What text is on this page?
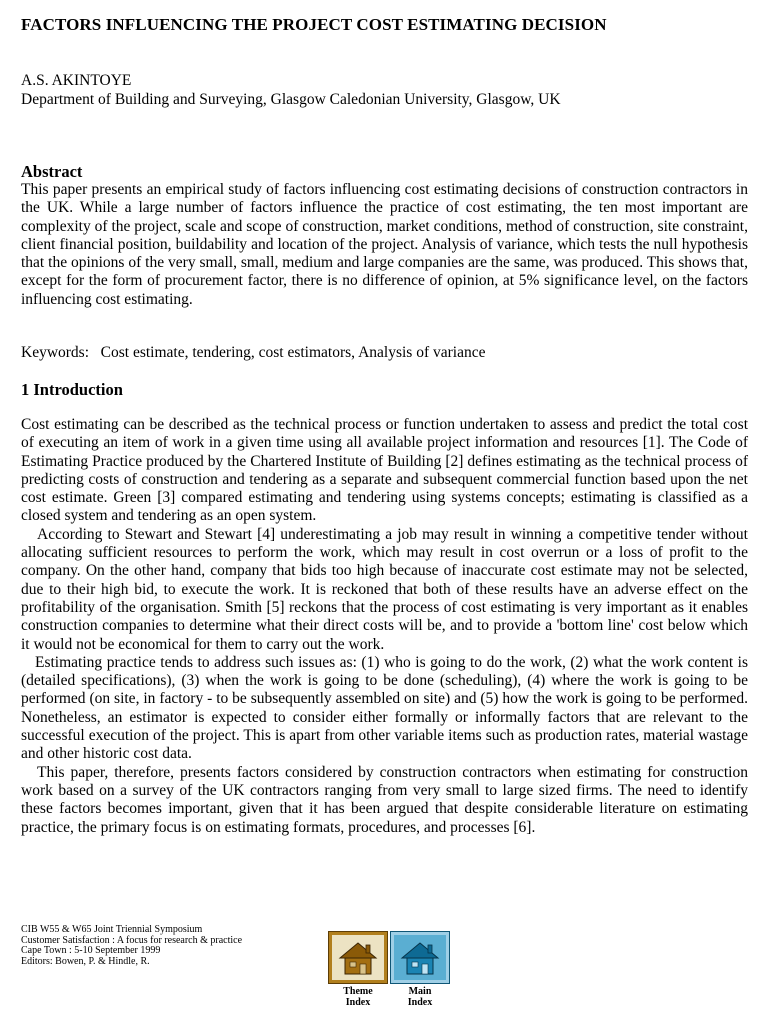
FACTORS INFLUENCING THE PROJECT COST ESTIMATING DECISION
A.S. AKINTOYE
Department of Building and Surveying, Glasgow Caledonian University, Glasgow, UK
Abstract

This paper presents an empirical study of factors influencing cost estimating decisions of construction contractors in the UK. While a large number of factors influence the practice of cost estimating, the ten most important are complexity of the project, scale and scope of construction, market conditions, method of construction, site constraint, client financial position, buildability and location of the project. Analysis of variance, which tests the null hypothesis that the opinions of the very small, small, medium and large companies are the same, was produced. This shows that, except for the form of procurement factor, there is no difference of opinion, at 5% significance level, on the factors influencing cost estimating.

Keywords:   Cost estimate, tendering, cost estimators, Analysis of variance
1 Introduction

Cost estimating can be described as the technical process or function undertaken to assess and predict the total cost of executing an item of work in a given time using all available project information and resources [1]. The Code of Estimating Practice produced by the Chartered Institute of Building [2] defines estimating as the technical process of predicting costs of construction and tendering as a separate and subsequent commercial function based upon the net cost estimate. Green [3] compared estimating and tendering using systems concepts; estimating is classified as a closed system and tendering as an open system.

According to Stewart and Stewart [4] underestimating a job may result in winning a competitive tender without allocating sufficient resources to perform the work, which may result in cost overrun or a loss of profit to the company. On the other hand, company that bids too high because of inaccurate cost estimate may not be selected, due to their high bid, to execute the work. It is reckoned that both of these results have an adverse effect on the profitability of the organisation. Smith [5] reckons that the process of cost estimating is very important as it enables construction companies to determine what their direct costs will be, and to provide a 'bottom line' cost below which it would not be economical for them to carry out the work.

Estimating practice tends to address such issues as: (1) who is going to do the work, (2) what the work content is (detailed specifications), (3) when the work is going to be done (scheduling), (4) where the work is going to be performed (on site, in factory - to be subsequently assembled on site) and (5) how the work is going to be performed. Nonetheless, an estimator is expected to consider either formally or informally factors that are relevant to the successful execution of the project. This is apart from other variable items such as production rates, material wastage and other historic cost data.

This paper, therefore, presents factors considered by construction contractors when estimating for construction work based on a survey of the UK contractors ranging from very small to large sized firms. The need to identify these factors becomes important, given that it has been argued that despite considerable literature on estimating practice, the primary focus is on estimating formats, procedures, and processes [6].

CIB W55 & W65 Joint Triennial Symposium
Customer Satisfaction : A focus for research & practice
Cape Town : 5-10 September 1999
Editors: Bowen, P. & Hindle, R.
Theme
Index
Main
Index
